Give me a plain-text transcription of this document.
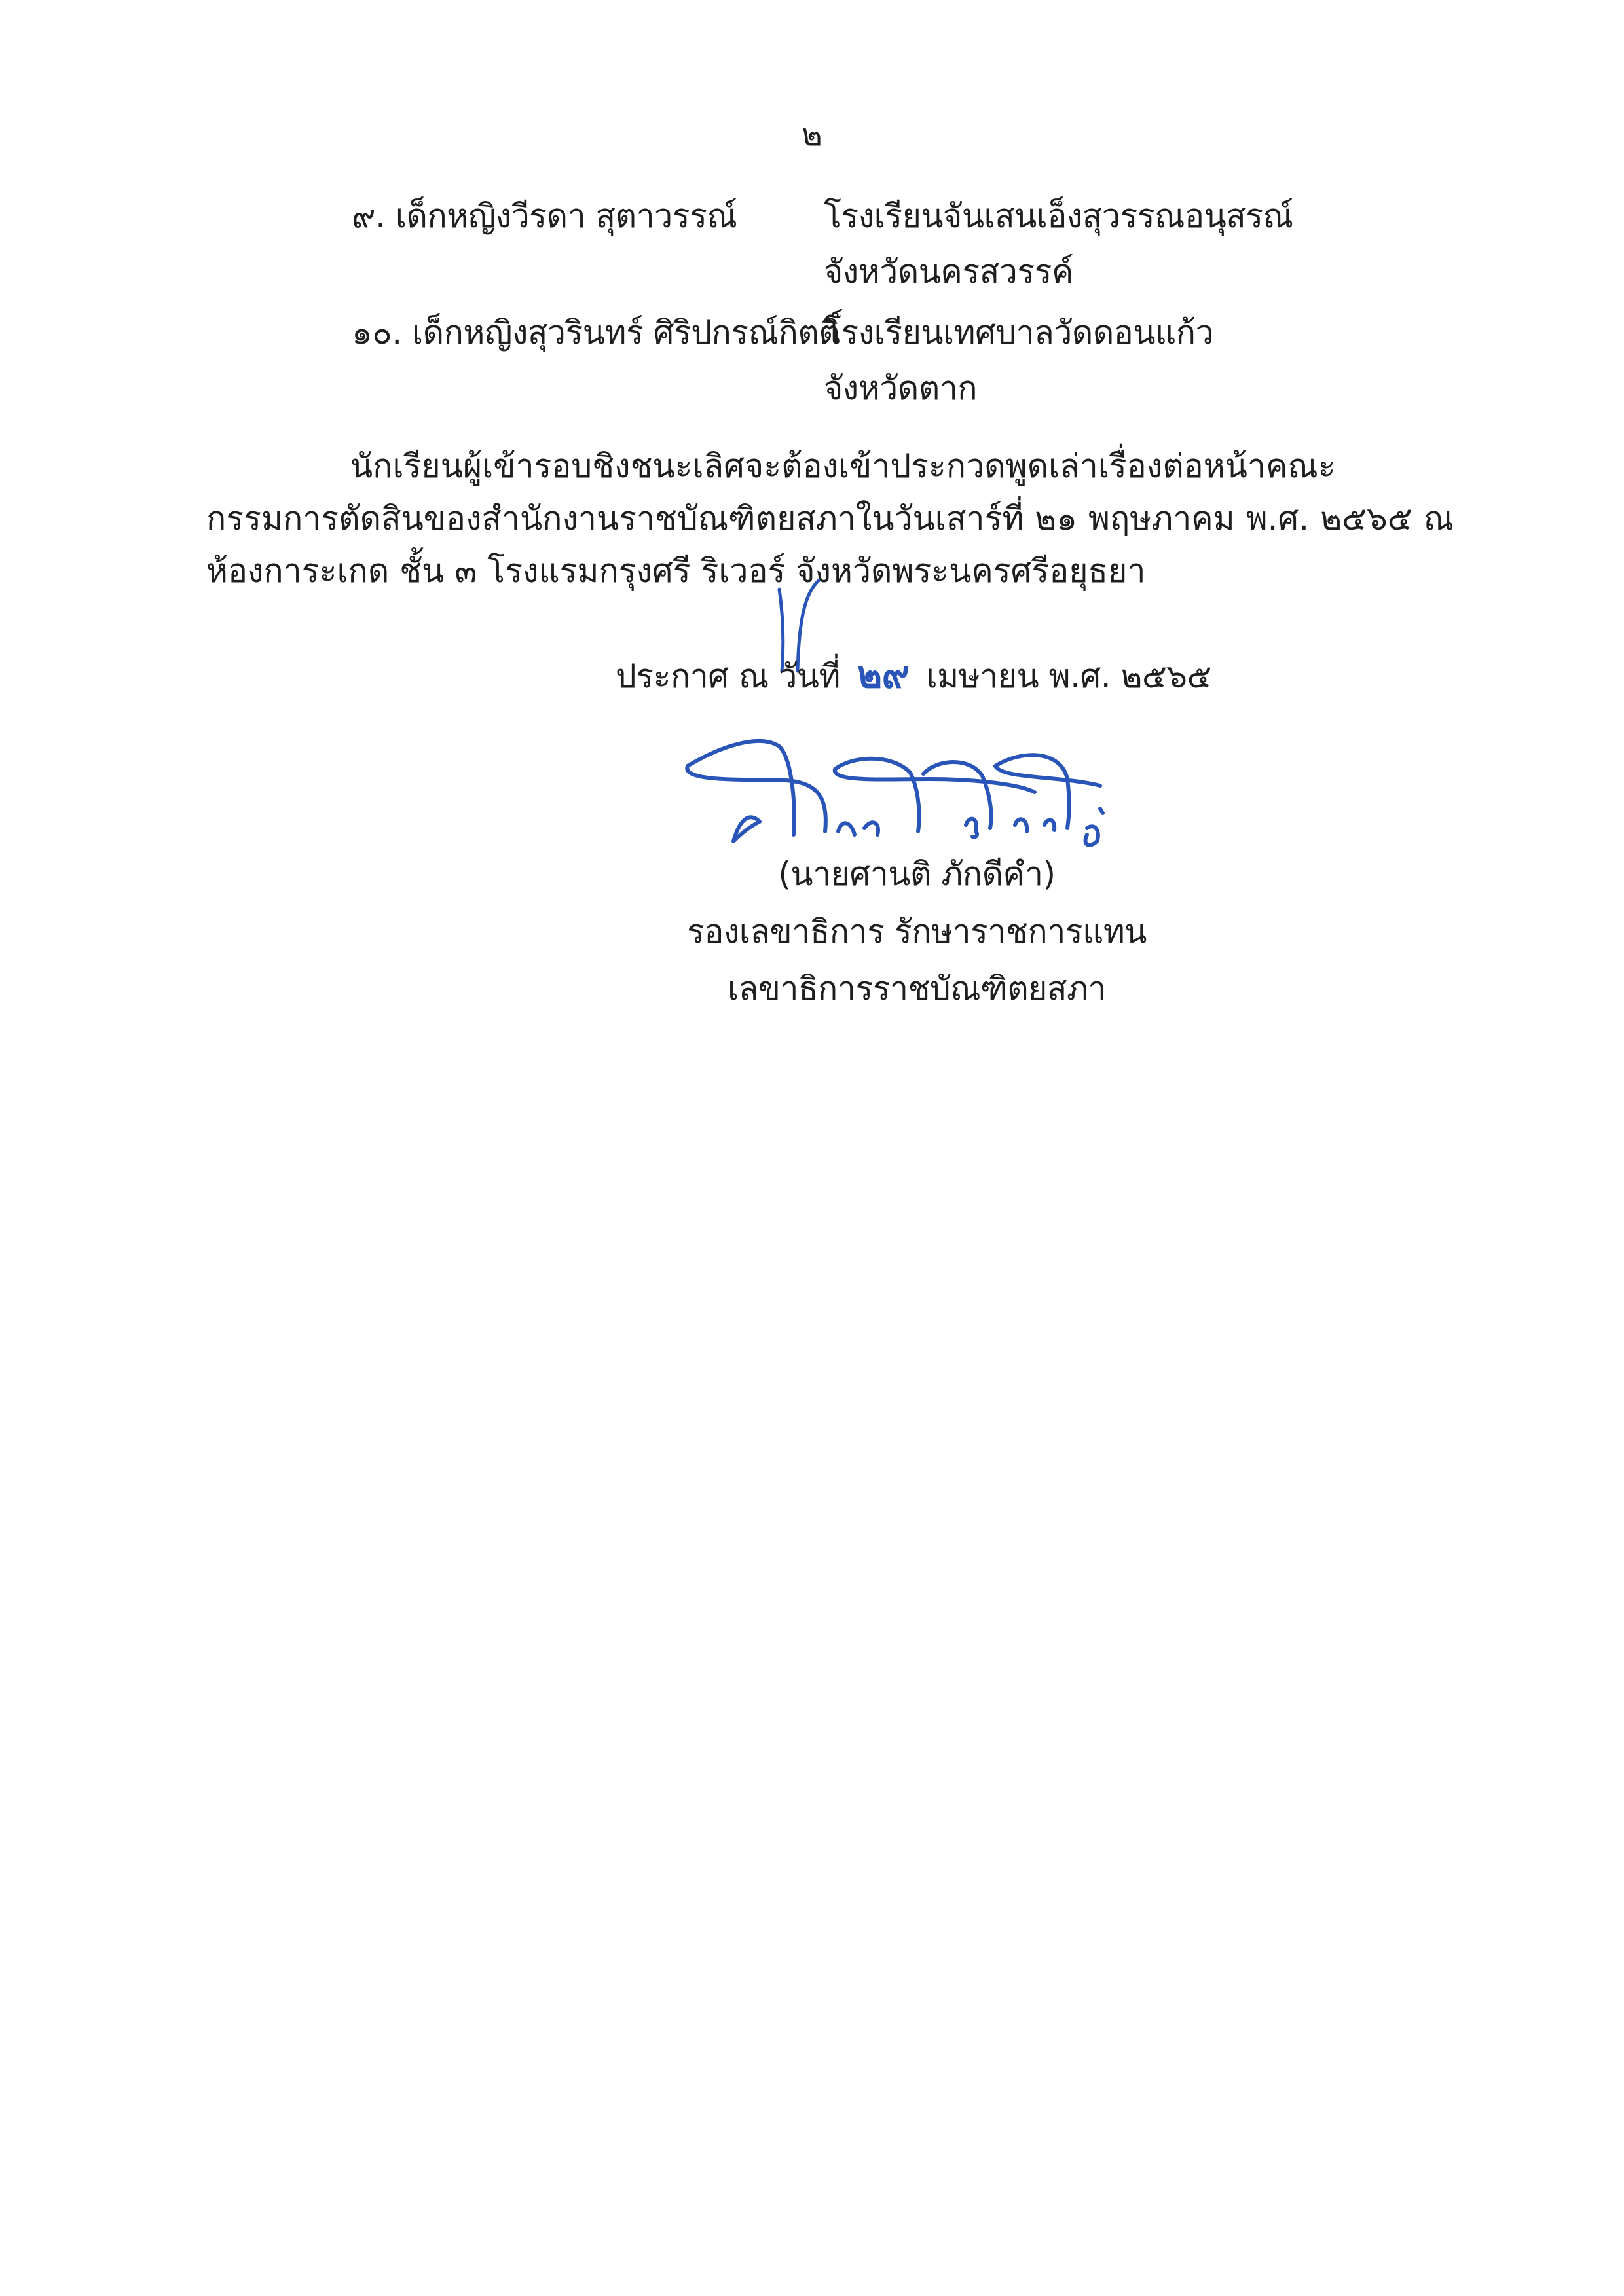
๒
๙. เด็กหญิงวีรดา สุตาวรรณ์	โรงเรียนจันเสนเอ็งสุวรรณอนุสรณ์
จังหวัดนครสวรรค์
๑๐. เด็กหญิงสุวรินทร์ ศิริปกรณ์กิตติ์
โรงเรียนเทศบาลวัดดอนแก้ว
จังหวัดตาก
นักเรียนผู้เข้ารอบชิงชนะเลิศจะต้องเข้าประกวดพูดเล่าเรื่องต่อหน้าคณะกรรมการตัดสินของสำนักงานราชบัณฑิตยสภาในวันเสาร์ที่ ๒๑ พฤษภาคม พ.ศ. ๒๕๖๕ ณ ห้องการะเกด ชั้น ๓ โรงแรมกรุงศรี ริเวอร์ จังหวัดพระนครศรีอยุธยา
ประกาศ ณ วันที่ ๒๙ เมษายน พ.ศ. ๒๕๖๕
(นายศานติ ภักดีคำ)
รองเลขาธิการ รักษาราชการแทน
เลขาธิการราชบัณฑิตยสภา
